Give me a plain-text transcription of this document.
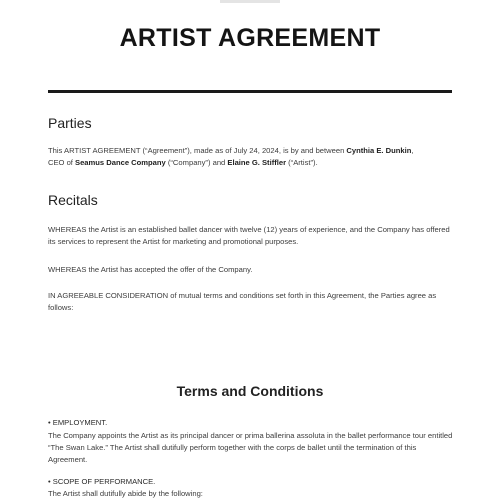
ARTIST AGREEMENT
Parties

This ARTIST AGREEMENT (“Agreement”), made as of July 24, 2024, is by and between Cynthia E. Dunkin,
CEO of Seamus Dance Company (“Company”) and Elaine G. Stiffler (“Artist”).

Recitals

WHEREAS the Artist is an established ballet dancer with twelve (12) years of experience, and the Company has offered its services to represent the Artist for marketing and promotional purposes.

WHEREAS the Artist has accepted the offer of the Company.

IN AGREEABLE CONSIDERATION of mutual terms and conditions set forth in this Agreement, the Parties agree as follows:

Terms and Conditions

• EMPLOYMENT.

The Company appoints the Artist as its principal dancer or prima ballerina assoluta in the ballet performance tour entitled “The Swan Lake.” The Artist shall dutifully perform together with the corps de ballet until the termination of this Agreement.

• SCOPE OF PERFORMANCE.

The Artist shall dutifully abide by the following:
